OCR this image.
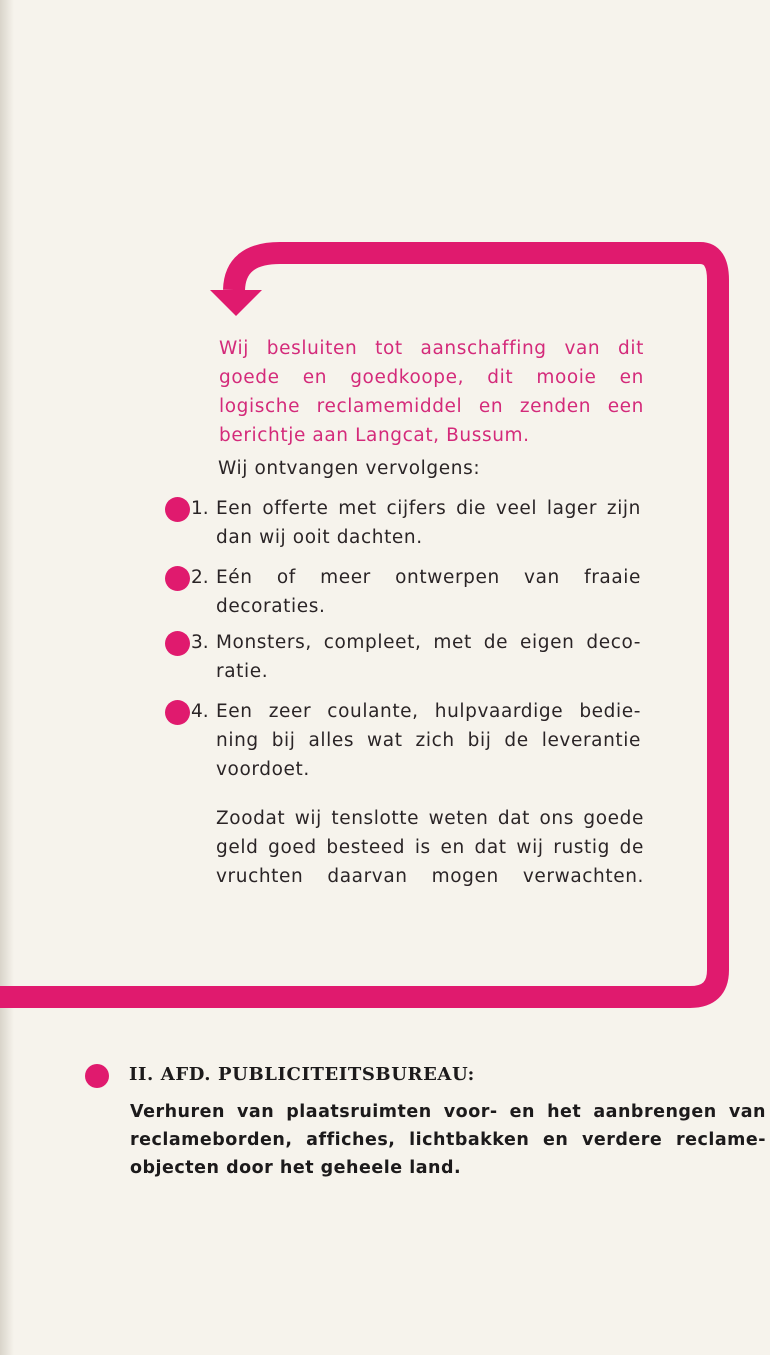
Wij besluiten tot aanschaffing van dit
goede en goedkoope, dit mooie en
logische reclamemiddel en zenden een
berichtje aan Langcat, Bussum.
Wij ontvangen vervolgens:
1. Een offerte met cijfers die veel lager zijn
dan wij ooit dachten.
2. Eén of meer ontwerpen van fraaie
decoraties.
3. Monsters, compleet, met de eigen deco-
ratie.
4. Een zeer coulante, hulpvaardige bedie-
ning bij alles wat zich bij de leverantie
voordoet.
Zoodat wij tenslotte weten dat ons goede
geld goed besteed is en dat wij rustig de
vruchten daarvan mogen verwachten.
II. AFD. PUBLICITEITSBUREAU:
Verhuren van plaatsruimten voor- en het aanbrengen van
reclameborden, affiches, lichtbakken en verdere reclame-
objecten door het geheele land.
